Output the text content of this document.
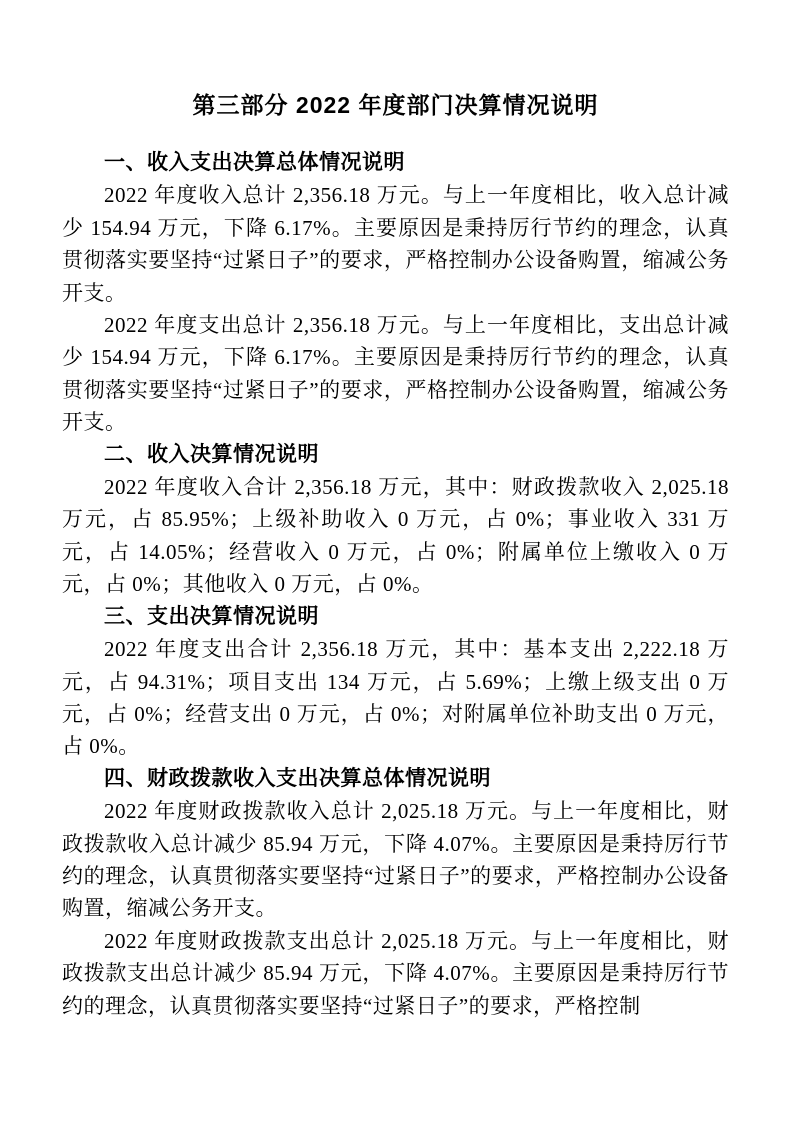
第三部分 2022 年度部门决算情况说明
一、收入支出决算总体情况说明

2022 年度收入总计 2,356.18 万元。与上一年度相比，收入总计减少 154.94 万元，下降 6.17%。主要原因是秉持厉行节约的理念，认真贯彻落实要坚持“过紧日子”的要求，严格控制办公设备购置，缩减公务开支。

2022 年度支出总计 2,356.18 万元。与上一年度相比，支出总计减少 154.94 万元，下降 6.17%。主要原因是秉持厉行节约的理念，认真贯彻落实要坚持“过紧日子”的要求，严格控制办公设备购置，缩减公务开支。

二、收入决算情况说明

2022 年度收入合计 2,356.18 万元，其中：财政拨款收入 2,025.18 万元，占 85.95%；上级补助收入 0 万元，占 0%；事业收入 331 万元，占 14.05%；经营收入 0 万元，占 0%；附属单位上缴收入 0 万元，占 0%；其他收入 0 万元，占 0%。

三、支出决算情况说明

2022 年度支出合计 2,356.18 万元，其中：基本支出 2,222.18 万元，占 94.31%；项目支出 134 万元，占 5.69%；上缴上级支出 0 万元，占 0%；经营支出 0 万元，占 0%；对附属单位补助支出 0 万元，占 0%。

四、财政拨款收入支出决算总体情况说明

2022 年度财政拨款收入总计 2,025.18 万元。与上一年度相比，财政拨款收入总计减少 85.94 万元，下降 4.07%。主要原因是秉持厉行节约的理念，认真贯彻落实要坚持“过紧日子”的要求，严格控制办公设备购置，缩减公务开支。

2022 年度财政拨款支出总计 2,025.18 万元。与上一年度相比，财政拨款支出总计减少 85.94 万元，下降 4.07%。主要原因是秉持厉行节约的理念，认真贯彻落实要坚持“过紧日子”的要求，严格控制
